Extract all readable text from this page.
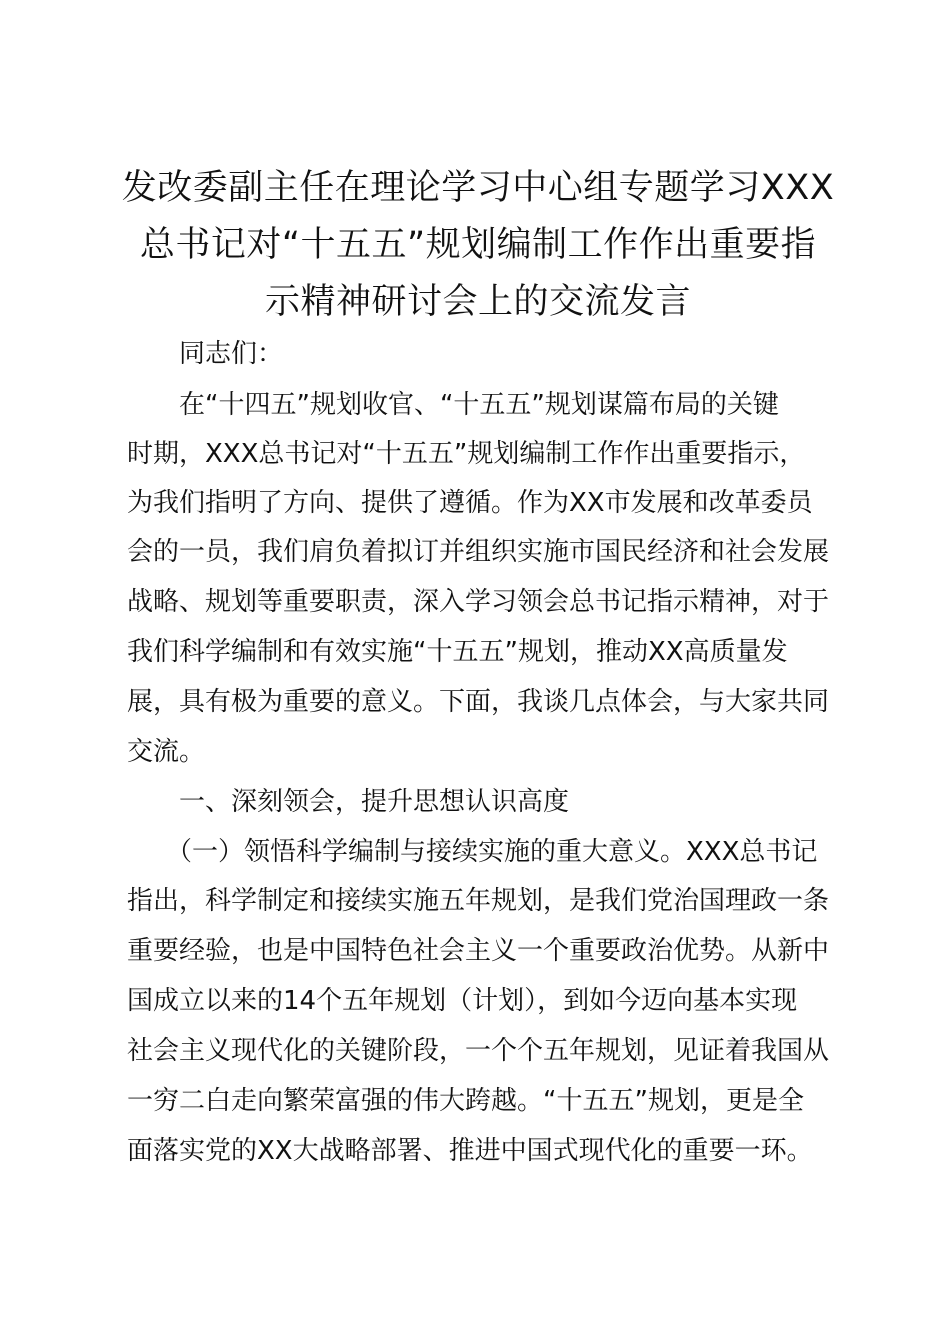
发改委副主任在理论学习中心组专题学习XXX
总书记对“十五五”规划编制工作作出重要指
示精神研讨会上的交流发言

　　同志们：

　　在“十四五”规划收官、“十五五”规划谋篇布局的关键

时期，XXX总书记对“十五五”规划编制工作作出重要指示，

为我们指明了方向、提供了遵循。作为XX市发展和改革委员

会的一员，我们肩负着拟订并组织实施市国民经济和社会发展

战略、规划等重要职责，深入学习领会总书记指示精神，对于

我们科学编制和有效实施“十五五”规划，推动XX高质量发

展，具有极为重要的意义。下面，我谈几点体会，与大家共同

交流。

　　一、深刻领会，提升思想认识高度

　　（一）领悟科学编制与接续实施的重大意义。XXX总书记

指出，科学制定和接续实施五年规划，是我们党治国理政一条

重要经验，也是中国特色社会主义一个重要政治优势。从新中

国成立以来的14个五年规划（计划），到如今迈向基本实现

社会主义现代化的关键阶段，一个个五年规划，见证着我国从

一穷二白走向繁荣富强的伟大跨越。“十五五”规划，更是全

面落实党的XX大战略部署、推进中国式现代化的重要一环。
